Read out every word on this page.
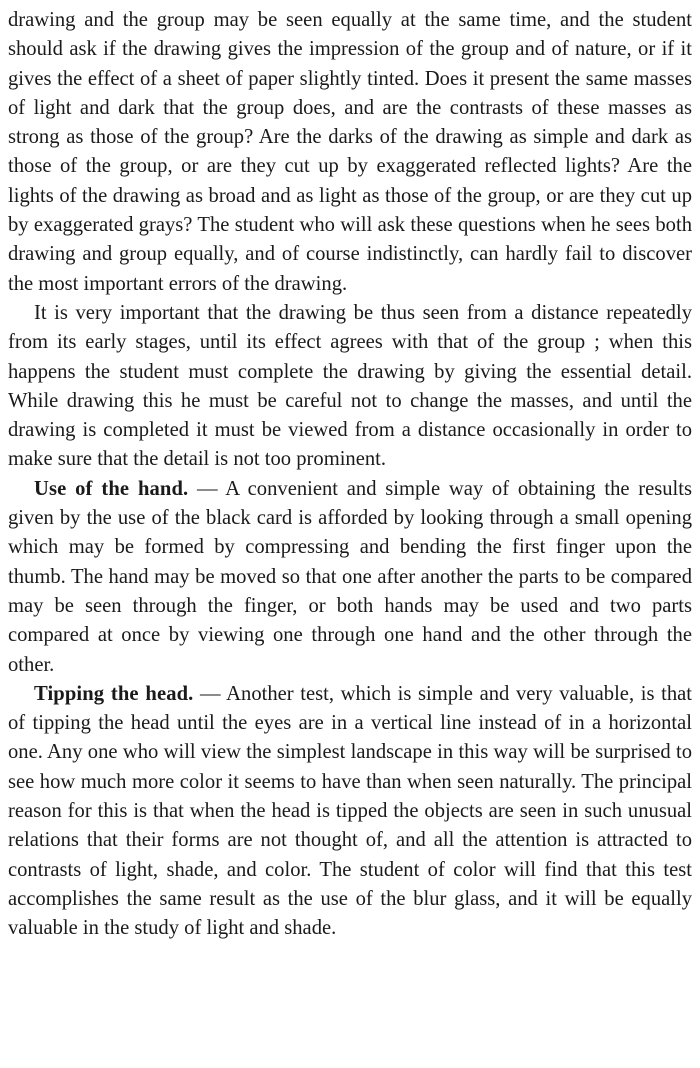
drawing and the group may be seen equally at the same time, and the student should ask if the drawing gives the impression of the group and of nature, or if it gives the effect of a sheet of paper slightly tinted. Does it present the same masses of light and dark that the group does, and are the contrasts of these masses as strong as those of the group? Are the darks of the drawing as simple and dark as those of the group, or are they cut up by exaggerated reflected lights? Are the lights of the drawing as broad and as light as those of the group, or are they cut up by exaggerated grays? The student who will ask these questions when he sees both drawing and group equally, and of course indistinctly, can hardly fail to discover the most important errors of the drawing.

It is very important that the drawing be thus seen from a distance repeatedly from its early stages, until its effect agrees with that of the group ; when this happens the student must complete the drawing by giving the essential detail. While drawing this he must be careful not to change the masses, and until the drawing is completed it must be viewed from a distance occasionally in order to make sure that the detail is not too prominent.

Use of the hand. — A convenient and simple way of obtaining the results given by the use of the black card is afforded by looking through a small opening which may be formed by compressing and bending the first finger upon the thumb. The hand may be moved so that one after another the parts to be compared may be seen through the finger, or both hands may be used and two parts compared at once by viewing one through one hand and the other through the other.

Tipping the head. — Another test, which is simple and very valuable, is that of tipping the head until the eyes are in a vertical line instead of in a horizontal one. Any one who will view the simplest landscape in this way will be surprised to see how much more color it seems to have than when seen naturally. The principal reason for this is that when the head is tipped the objects are seen in such unusual relations that their forms are not thought of, and all the attention is attracted to contrasts of light, shade, and color. The student of color will find that this test accomplishes the same result as the use of the blur glass, and it will be equally valuable in the study of light and shade.
